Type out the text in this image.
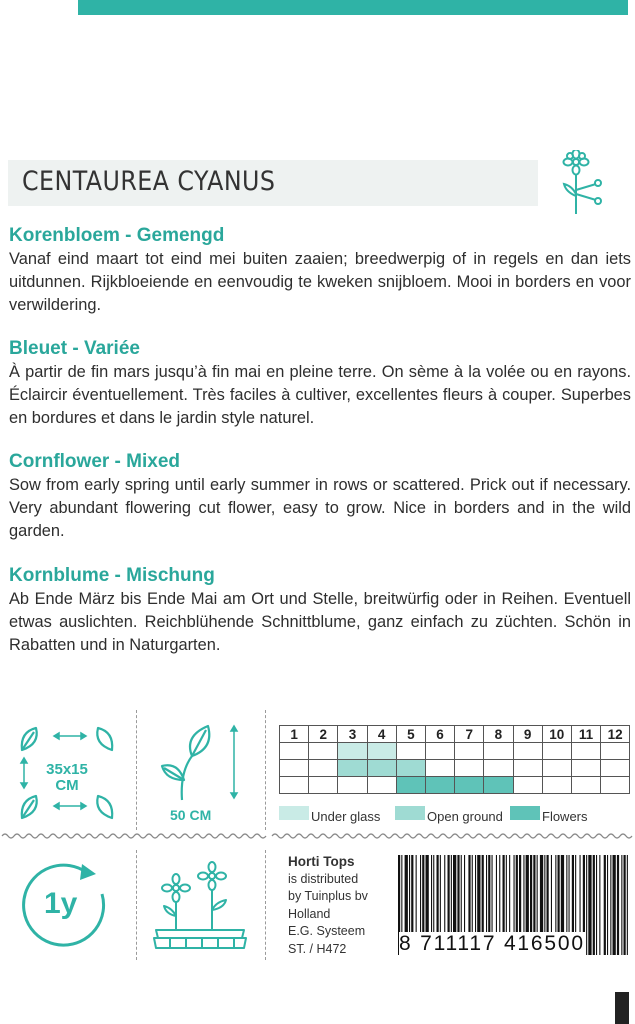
CENTAUREA CYANUS
Korenbloem - Gemengd

Vanaf eind maart tot eind mei buiten zaaien; breedwerpig of in regels en dan iets uitdunnen. Rijkbloeiende en eenvoudig te kweken snijbloem. Mooi in borders en voor verwildering.

Bleuet - Variée

À partir de fin mars jusqu’à fin mai en pleine terre. On sème à la volée ou en rayons. Éclaircir éventuellement. Très faciles à cultiver, excellentes fleurs à couper. Superbes en bordures et dans le jardin style naturel.

Cornflower - Mixed

Sow from early spring until early summer in rows or scattered. Prick out if necessary. Very abundant flowering cut flower, easy to grow. Nice in borders and in the wild garden.

Kornblume - Mischung

Ab Ende März bis Ende Mai am Ort und Stelle, breitwürfig oder in Reihen. Eventuell etwas auslichten. Reichblühende Schnittblume, ganz einfach zu züchten. Schön in Rabatten und in Naturgarten.

35x15
CM
50 CM
1y
1	2	3	4	5	6	7	8	9	10	11	12

Under glass	Open ground	Flowers
Horti Tops
is distributed
by Tuinplus bv
Holland
E.G. Systeem
ST. / H472	8 711117 416500
